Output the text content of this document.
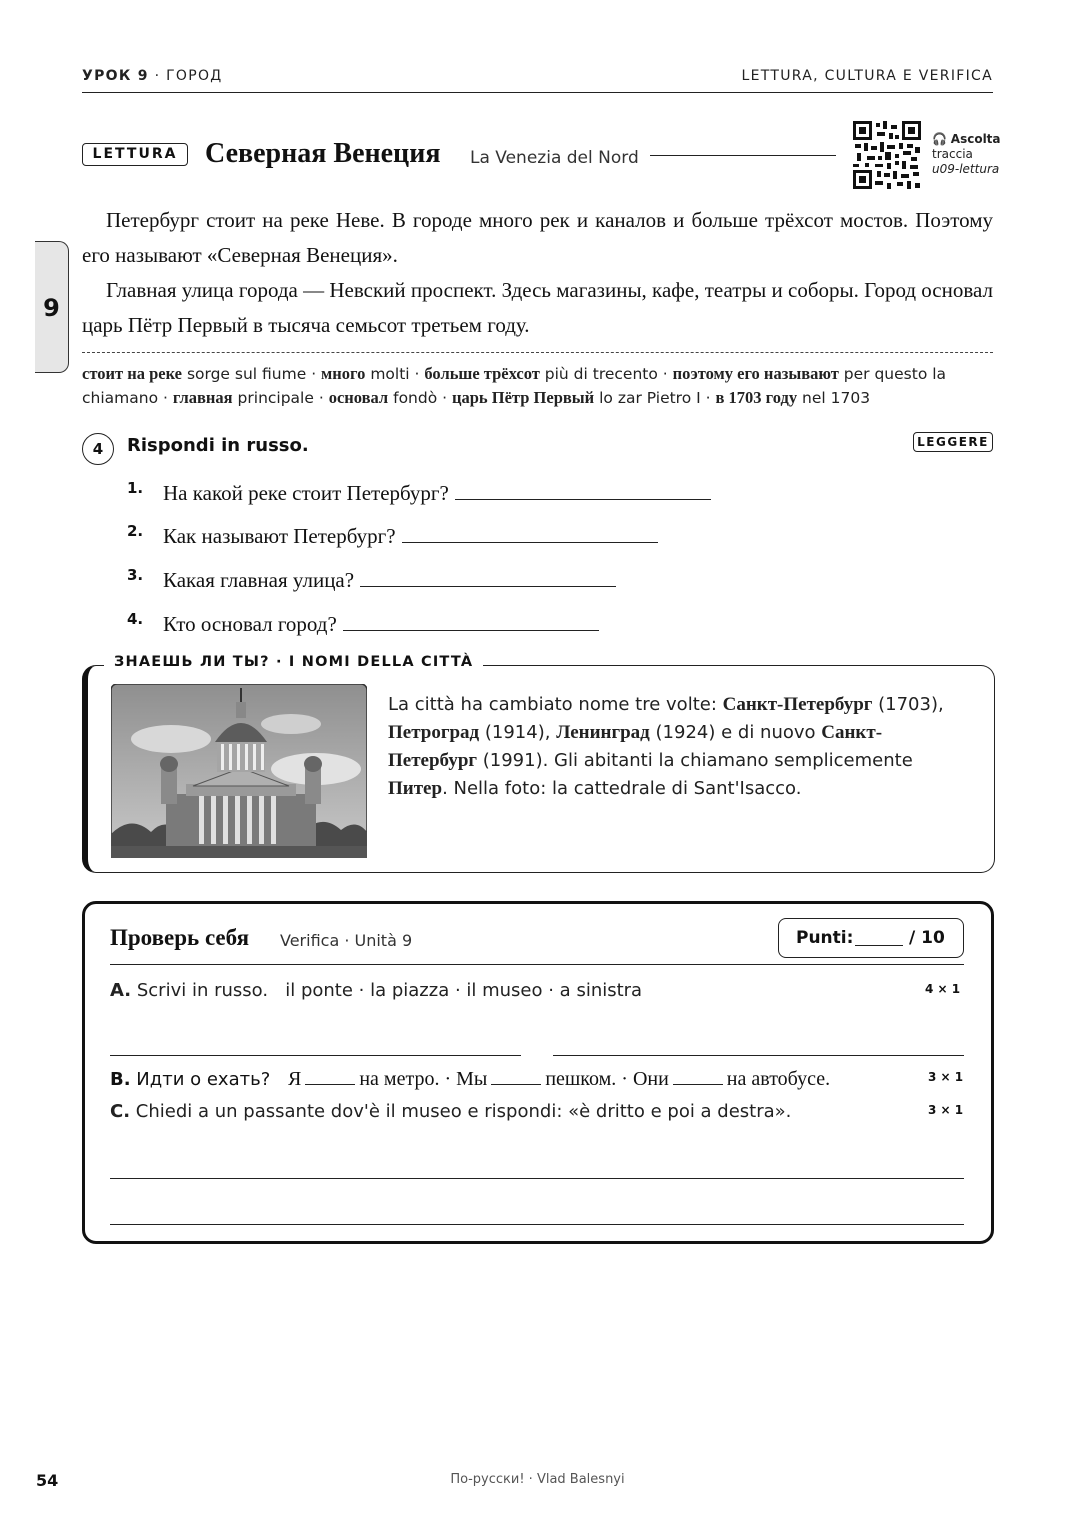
УРОК 9 · ГОРОД	LETTURA, CULTURA E VERIFICA
9
LETTURA Северная Венеция La Venezia del Nord
🎧 Ascolta
traccia
u09-lettura
Петербург стоит на реке Неве. В городе много рек и каналов и больше трёхсот мостов. Поэтому его называют «Северная Венеция».
Главная улица города — Невский проспект. Здесь магазины, кафе, театры и соборы. Город основал царь Пётр Первый в тысяча семьсот третьем году.
стоит на реке sorge sul fiume · много molti · больше трёхсот più di trecento · поэтому его называют per questo la chiamano · главная principale · основал fondò · царь Пётр Первый lo zar Pietro I · в 1703 году nel 1703
4	Rispondi in russo.	LEGGERE
1. На какой реке стоит Петербург?
2. Как называют Петербург?
3. Какая главная улица?
4. Кто основал город?
ЗНАЕШЬ ЛИ ТЫ? · I NOMI DELLA CITTÀ
La città ha cambiato nome tre volte: Санкт-Петербург (1703), Петроград (1914), Ленинград (1924) e di nuovo Санкт-Петербург (1991). Gli abitanti la chiamano semplicemente Питер. Nella foto: la cattedrale di Sant'Isacco.
Проверь себя Verifica · Unità 9	Punti:	/ 10
A. Scrivi in russo.   il ponte · la piazza · il museo · a sinistra	4 × 1
B. Идти о ехать? Я	на метро. · Мы	пешком. · Они	на автобусе.	3 × 1
C. Chiedi a un passante dov'è il museo e rispondi: «è dritto e poi a destra».	3 × 1
54	По-русски! · Vlad Balesnyi
